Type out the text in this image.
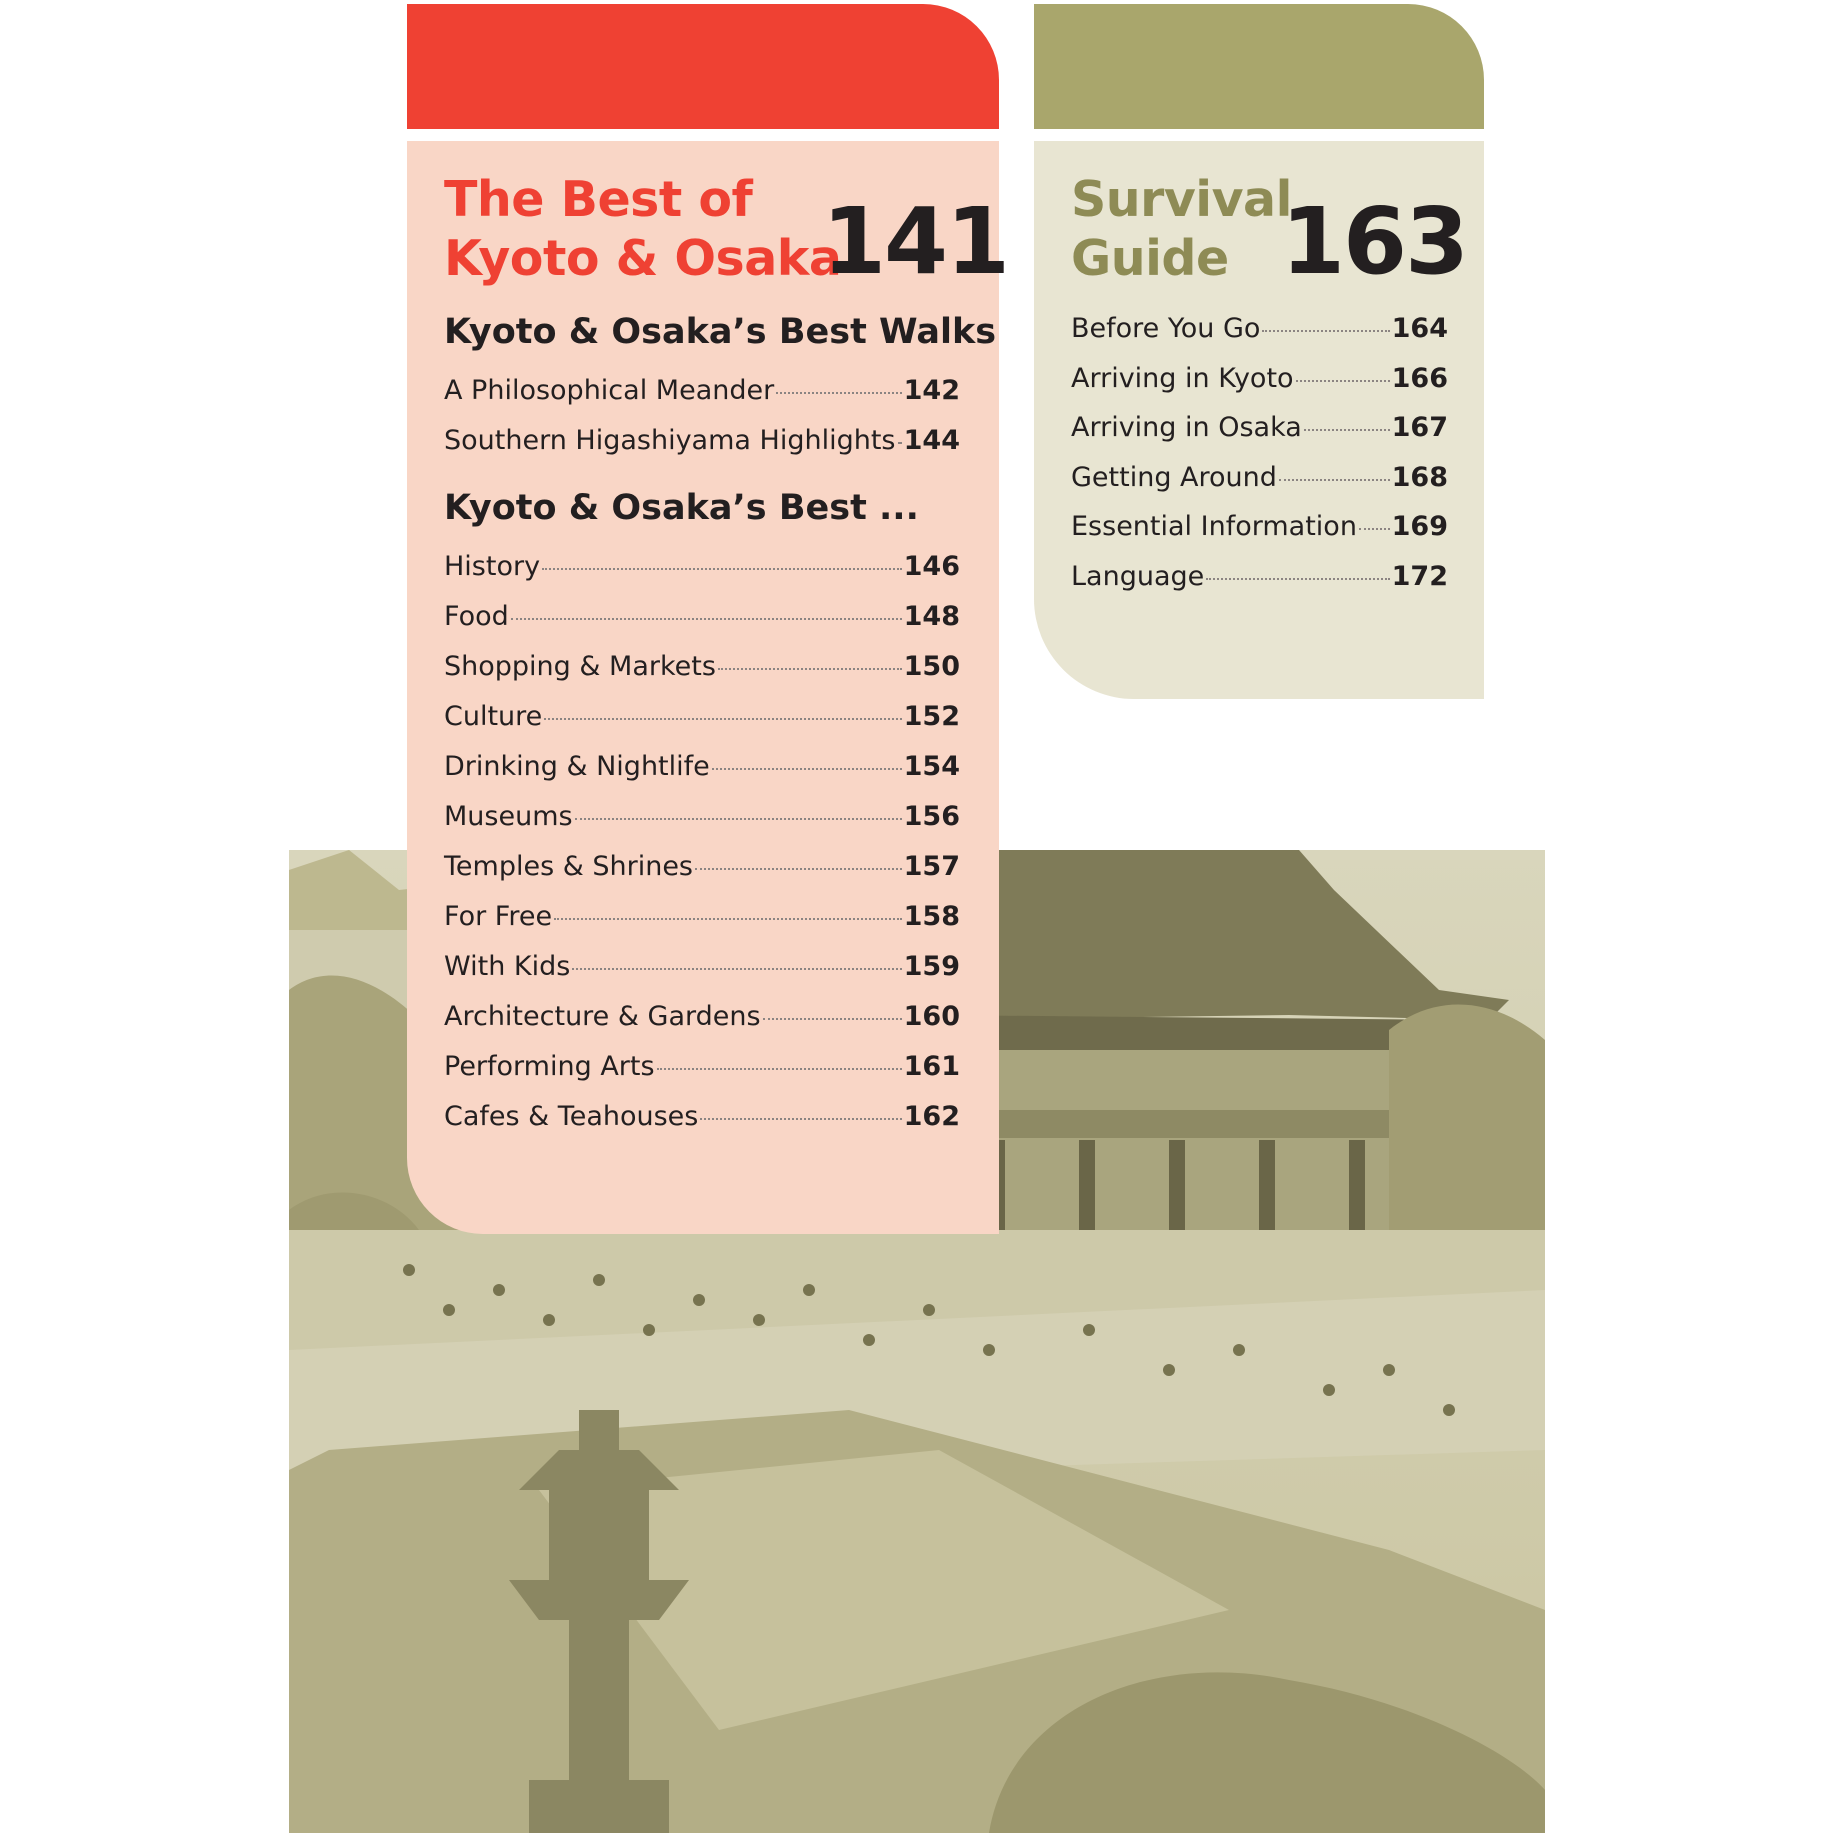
The Best of
Kyoto & Osaka
141
Kyoto & Osaka’s Best Walks
A Philosophical Meander	142
Southern Higashiyama Highlights 144
Kyoto & Osaka’s Best ...
History	146
Food	148
Shopping & Markets	150
Culture	152
Drinking & Nightlife	154
Museums	156
Temples & Shrines	157
For Free	158
With Kids	159
Architecture & Gardens	160
Performing Arts	161
Cafes & Teahouses	162
Survival
Guide 163
Before You Go	164
Arriving in Kyoto	166
Arriving in Osaka	167
Getting Around	168
Essential Information 169
Language	172
